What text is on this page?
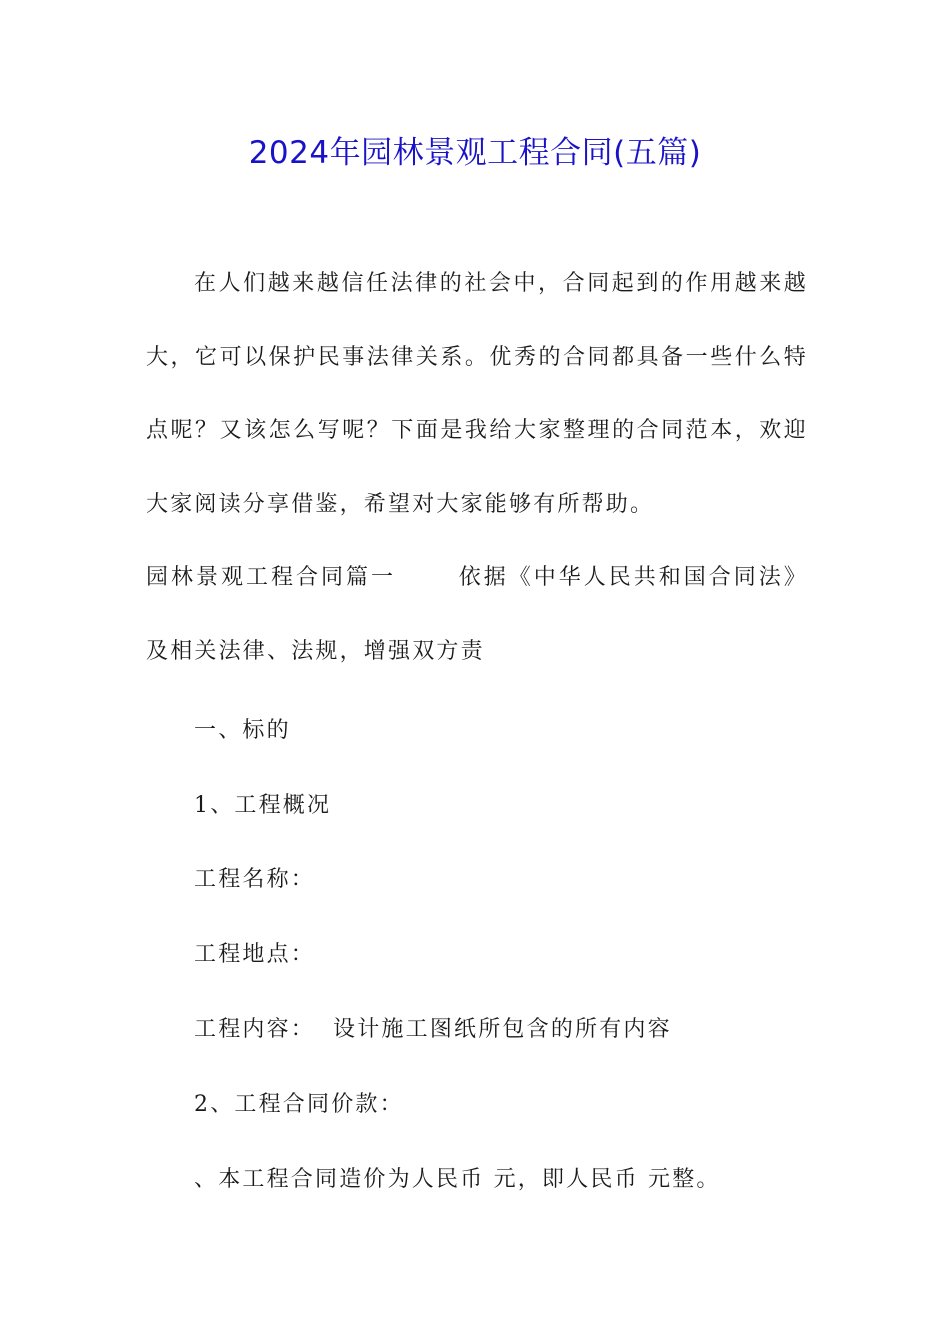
2024年园林景观工程合同(五篇)

在人们越来越信任法律的社会中，合同起到的作用越来越大，它可以保护民事法律关系。优秀的合同都具备一些什么特点呢？又该怎么写呢？下面是我给大家整理的合同范本，欢迎大家阅读分享借鉴，希望对大家能够有所帮助。

园林景观工程合同篇一	依据《中华人民共和国合同法》及相关法律、法规，增强双方责

一、标的

1、工程概况

工程名称：

工程地点：

工程内容： 设计施工图纸所包含的所有内容

2、工程合同价款：

、本工程合同造价为人民币 元，即人民币 元整。
